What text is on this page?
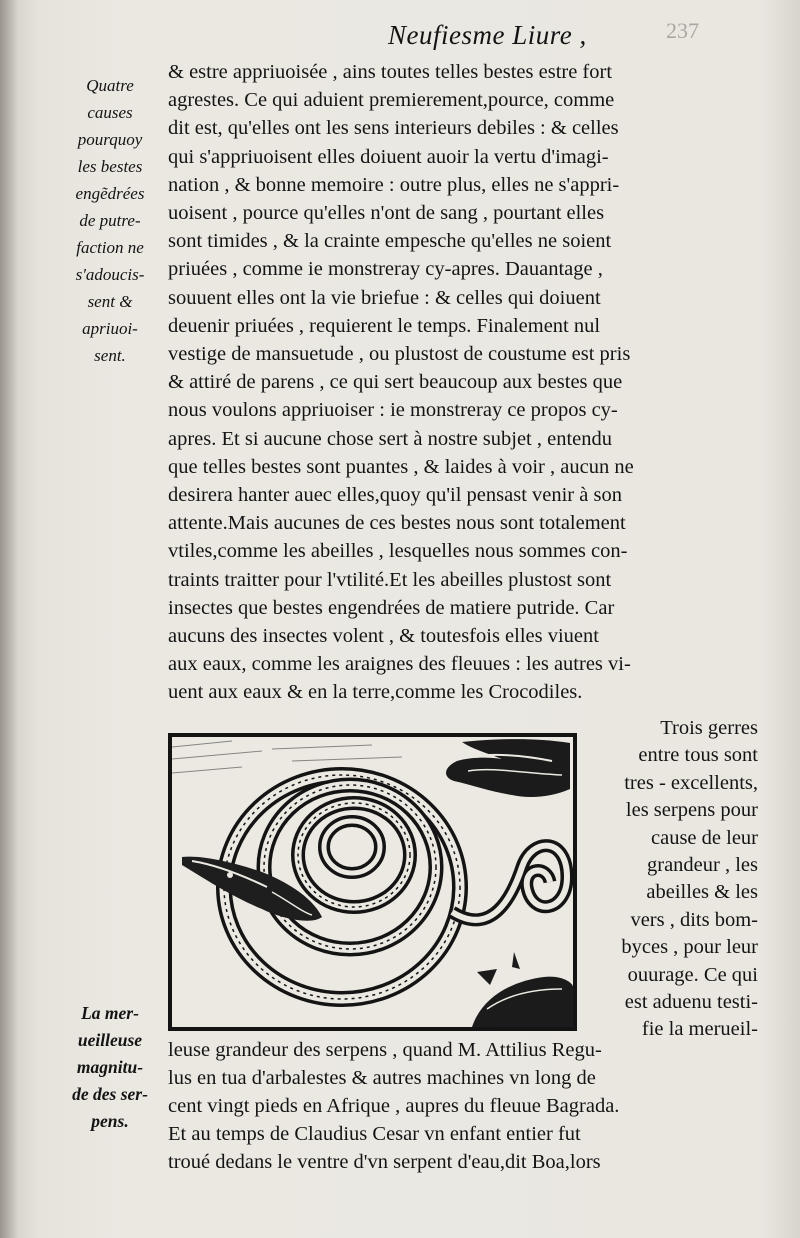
Neufiesme Liure ,	237
Quatre
causes
pourquoy
les bestes
engẽdrées
de putre-
faction ne
s'adoucis-
sent &
apriuoi-
sent.
La mer-
ueilleuse
magnitu-
de des ser-
pens.
& estre appriuoisée , ains toutes telles bestes estre fort
agrestes. Ce qui aduient premierement,pource, comme
dit est, qu'elles ont les sens interieurs debiles : & celles
qui s'appriuoisent elles doiuent auoir la vertu d'imagi-
nation , & bonne memoire : outre plus, elles ne s'appri-
uoisent , pource qu'elles n'ont de sang , pourtant elles
sont timides , & la crainte empesche qu'elles ne soient
priuées , comme ie monstreray cy-apres. Dauantage ,
souuent elles ont la vie briefue : & celles qui doiuent
deuenir priuées , requierent le temps. Finalement nul
vestige de mansuetude , ou plustost de coustume est pris
& attiré de parens , ce qui sert beaucoup aux bestes que
nous voulons appriuoiser : ie monstreray ce propos cy-
apres. Et si aucune chose sert à nostre subjet , entendu
que telles bestes sont puantes , & laides à voir , aucun ne
desirera hanter auec elles,quoy qu'il pensast venir à son
attente.Mais aucunes de ces bestes nous sont totalement
vtiles,comme les abeilles , lesquelles nous sommes con-
traints traitter pour l'vtilité.Et les abeilles plustost sont
insectes que bestes engendrées de matiere putride. Car
aucuns des insectes volent , & toutesfois elles viuent
aux eaux, comme les araignes des fleuues : les autres vi-
uent aux eaux & en la terre,comme les Crocodiles.
Trois gerres
entre tous sont
tres - excellents,
les serpens pour
cause de leur
grandeur , les
abeilles & les
vers , dits bom-
byces , pour leur
ouurage. Ce qui
est aduenu testi-
fie la merueil-
leuse grandeur des serpens , quand M. Attilius Regu-
lus en tua d'arbalestes & autres machines vn long de
cent vingt pieds en Afrique , aupres du fleuue Bagrada.
Et au temps de Claudius Cesar vn enfant entier fut
troué dedans le ventre d'vn serpent d'eau,dit Boa,lors
